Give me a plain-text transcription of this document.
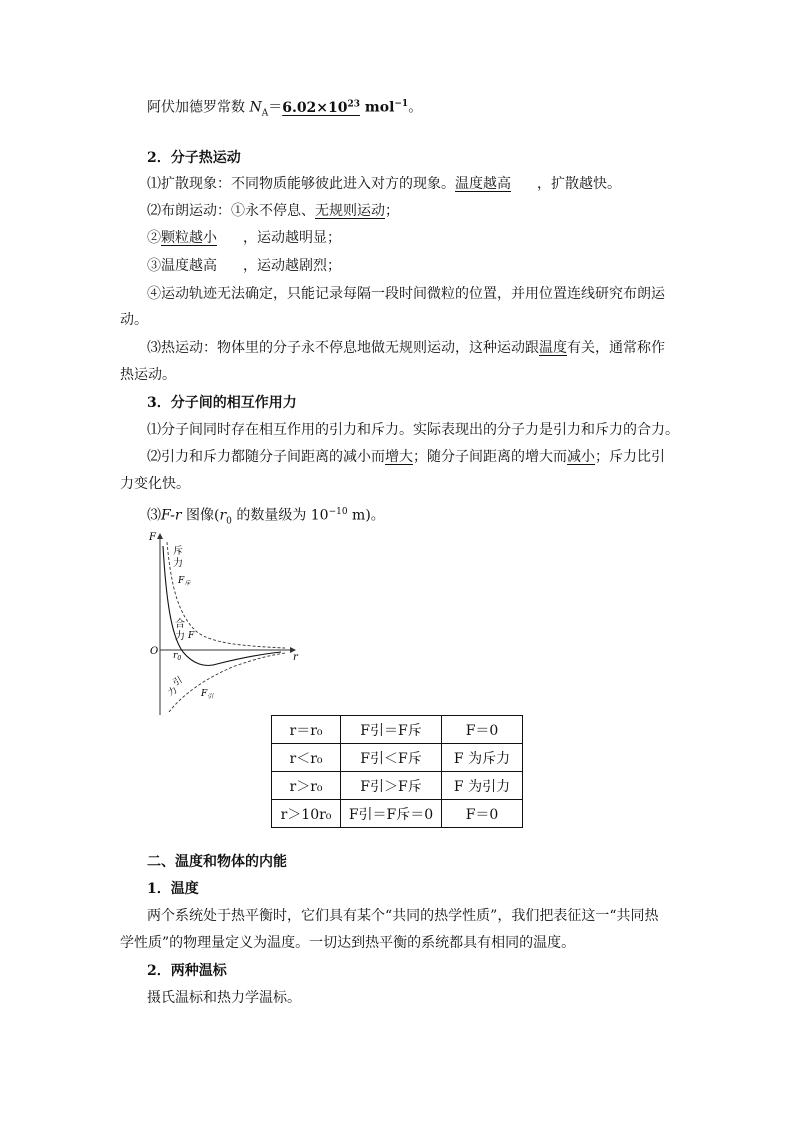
阿伏加德罗常数 $N_A=6.02\times 10^{23}$ mol$^{-1}$。
2．分子热运动
⑴扩散现象：不同物质能够彼此进入对方的现象。温度越高 ，扩散越快。
⑵布朗运动：①永不停息、无规则运动；
②颗粒越小 ，运动越明显；
③温度越高 ，运动越剧烈；
④运动轨迹无法确定，只能记录每隔一段时间微粒的位置，并用位置连线研究布朗运
动。
⑶热运动：物体里的分子永不停息地做无规则运动，这种运动跟温度有关，通常称作
热运动。
3．分子间的相互作用力
⑴分子间同时存在相互作用的引力和斥力。实际表现出的分子力是引力和斥力的合力。
⑵引力和斥力都随分子间距离的减小而增大；随分子间距离的增大而减小；斥力比引
力变化快。
⑶F-r 图像($r_0$ 的数量级为 $10^{-10}$ m)。
F
r
O $r_0$
斥
力
$F_斥$
合
力 F
引
力 $F_引$
r＝r₀	F引＝F斥	F＝0
r＜r₀	F引＜F斥	F 为斥力
r＞r₀	F引＞F斥	F 为引力
r＞10r₀	F引＝F斥＝0	F＝0
二、温度和物体的内能
1．温度
两个系统处于热平衡时，它们具有某个“共同的热学性质”，我们把表征这一“共同热
学性质”的物理量定义为温度。一切达到热平衡的系统都具有相同的温度。
2．两种温标
摄氏温标和热力学温标。
